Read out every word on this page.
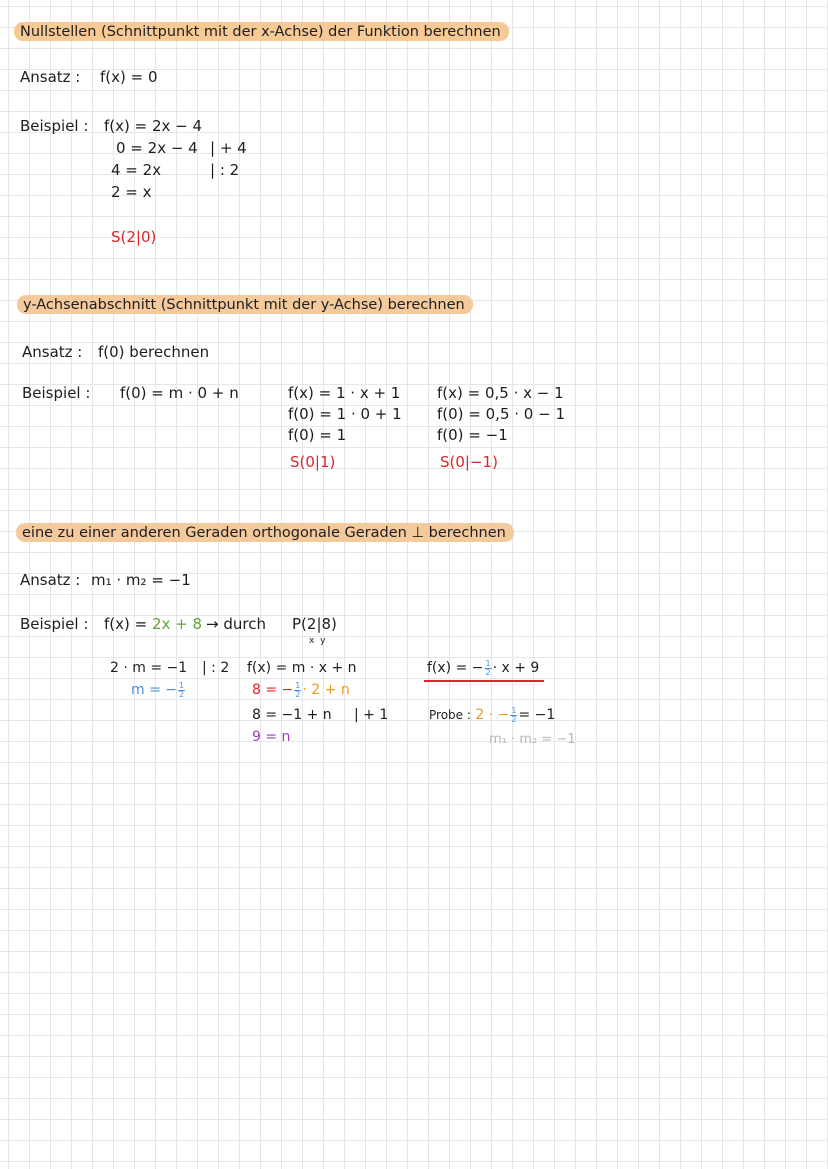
Nullstellen (Schnittpunkt mit der x-Achse) der Funktion berechnen
Ansatz : f(x) = 0
Beispiel : f(x) = 2x − 4
0 = 2x − 4 | + 4
4 = 2x	| : 2
2 = x
S(2|0)
y-Achsenabschnitt (Schnittpunkt mit der y-Achse) berechnen
Ansatz : f(0) berechnen
Beispiel : f(0) = m · 0 + n	f(x) = 1 · x + 1
f(0) = 1 · 0 + 1
f(0) = 1
S(0|1)
f(x) = 0,5 · x − 1
f(0) = 0,5 · 0 − 1
f(0) = −1
S(0|−1)
eine zu einer anderen Geraden orthogonale Geraden ⊥ berechnen
Ansatz : m₁ · m₂ = −1
Beispiel : f(x) = 2x + 8 → durch P(2|8)
x y
2 · m = −1 | : 2
m = − $\frac{1}{2}$
f(x) = m · x + n
8 = − $\frac{1}{2} \cdot 2 + n$
8 = −1 + n | + 1
9 = n
f(x) = − $\frac{1}{2} \cdot x + 9$
Probe : 2 · − $\frac{1}{2} = -1$
m₁ · m₂ = −1
